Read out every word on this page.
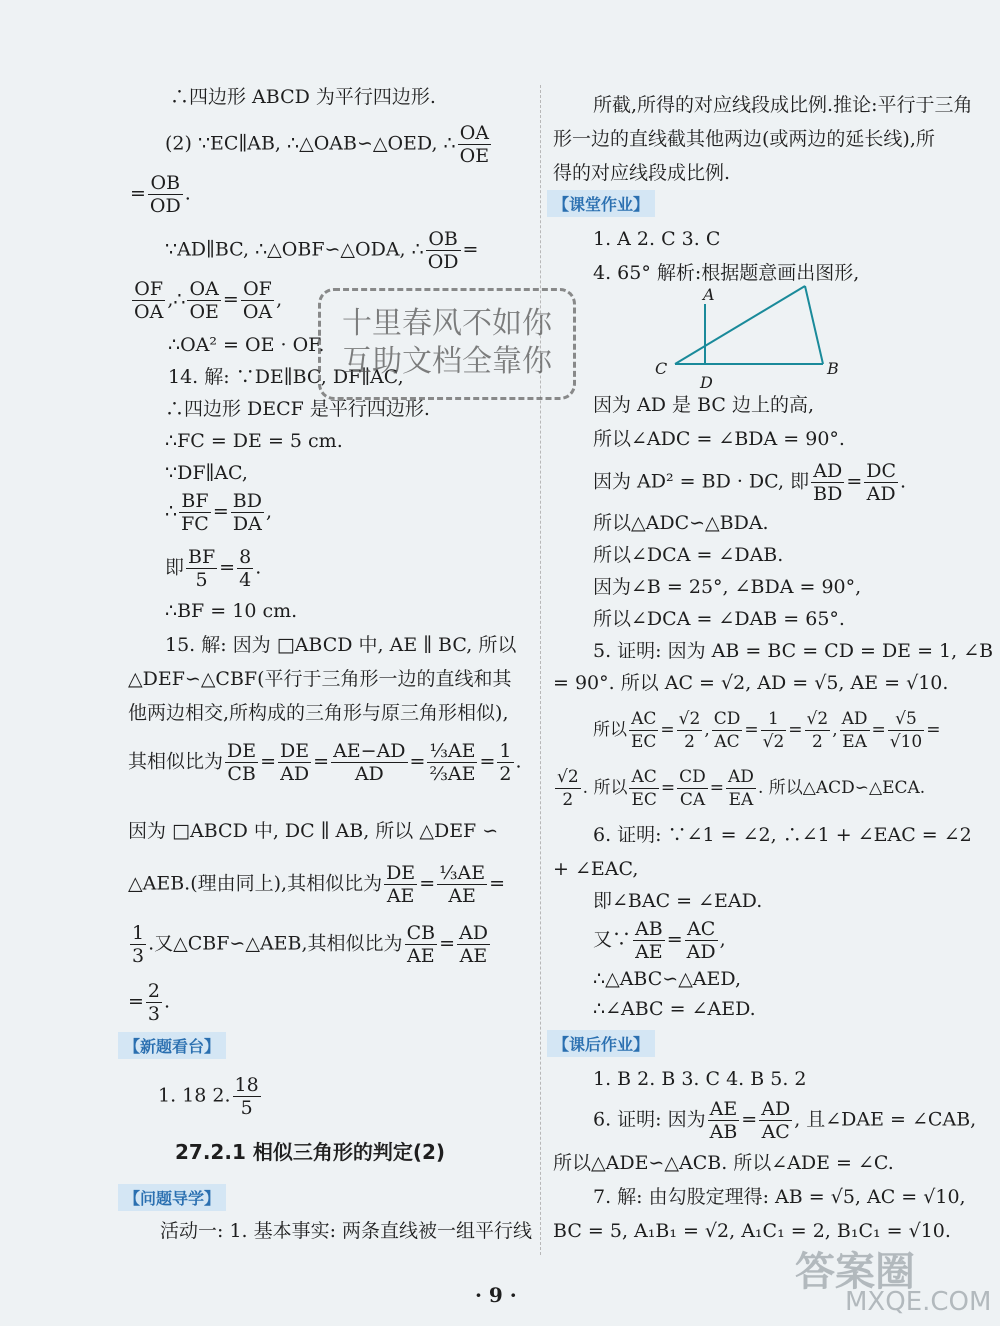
∴四边形 ABCD 为平行四边形.
(2) ∵EC∥AB, ∴△OAB∽△OED, ∴ $\frac{OA}{OE}$
= $\frac{OB}{OD}$ .
∵AD∥BC, ∴△OBF∽△ODA, ∴ $\frac{OB}{OD}$ =
$\frac{OF}{OA}$ ,∴ $\frac{OA}{OE} = \frac{OF}{OA}$ ,
∴OA² = OE · OF.
14. 解: ∵DE∥BC, DF∥AC,
∴四边形 DECF 是平行四边形.
∴FC = DE = 5 cm.
∵DF∥AC,
∴ $\frac{BF}{FC} = \frac{BD}{DA}$ ,
即 $\frac{BF}{5} = \frac{8}{4}$ .
∴BF = 10 cm.
15. 解: 因为 □ABCD 中, AE ∥ BC, 所以
△DEF∽△CBF(平行于三角形一边的直线和其
他两边相交,所构成的三角形与原三角形相似),
其相似比为 $\frac{DE}{CB} = \frac{DE}{AD} = \frac{AE-AD}{AD} = \frac{\text{⅓AE}}{\text{⅔AE}} = \frac{1}{2}$ .
因为 □ABCD 中, DC ∥ AB, 所以 △DEF ∽
△AEB.(理由同上),其相似比为 $\frac{DE}{AE} = \frac{\text{⅓AE}}{AE}$ =
$\frac{1}{3}$ .又△CBF∽△AEB,其相似比为 $\frac{CB}{AE} = \frac{AD}{AE}$
= $\frac{2}{3}$ .
【新题看台】
1. 18 2. $\frac{18}{5}$
27.2.1 相似三角形的判定(2)
【问题导学】
活动一: 1. 基本事实: 两条直线被一组平行线
所截,所得的对应线段成比例.推论:平行于三角
形一边的直线截其他两边(或两边的延长线),所
得的对应线段成比例.
【课堂作业】
1. A 2. C 3. C
4. 65° 解析:根据题意画出图形,
A
C
D
B
因为 AD 是 BC 边上的高,
所以∠ADC = ∠BDA = 90°.
因为 AD² = BD · DC, 即 $\frac{AD}{BD} = \frac{DC}{AD}$ .
所以△ADC∽△BDA.
所以∠DCA = ∠DAB.
因为∠B = 25°, ∠BDA = 90°,
所以∠DCA = ∠DAB = 65°.
5. 证明: 因为 AB = BC = CD = DE = 1, ∠B
= 90°. 所以 AC = √2, AD = √5, AE = √10.
所以 $\frac{AC}{EC} = \frac{√2}{2}$ , $\frac{CD}{AC} = \frac{1}{√2} = \frac{√2}{2}$ , $\frac{AD}{EA} = \frac{√5}{√10}$ =
$\frac{√2}{2}$ . 所以 $\frac{AC}{EC} = \frac{CD}{CA} = \frac{AD}{EA}$ . 所以△ACD∽△ECA.
6. 证明: ∵∠1 = ∠2, ∴∠1 + ∠EAC = ∠2
+ ∠EAC,
即∠BAC = ∠EAD.
又∵ $\frac{AB}{AE} = \frac{AC}{AD}$ ,
∴△ABC∽△AED,
∴∠ABC = ∠AED.
【课后作业】
1. B 2. B 3. C 4. B 5. 2
6. 证明: 因为 $\frac{AE}{AB} = \frac{AD}{AC}$ , 且∠DAE = ∠CAB,
所以△ADE∽△ACB. 所以∠ADE = ∠C.
7. 解: 由勾股定理得: AB = √5, AC = √10,
BC = 5, A₁B₁ = √2, A₁C₁ = 2, B₁C₁ = √10.
十里春风不如你
互助文档全靠你
· 9 ·	答案圈
MXQE.COM
